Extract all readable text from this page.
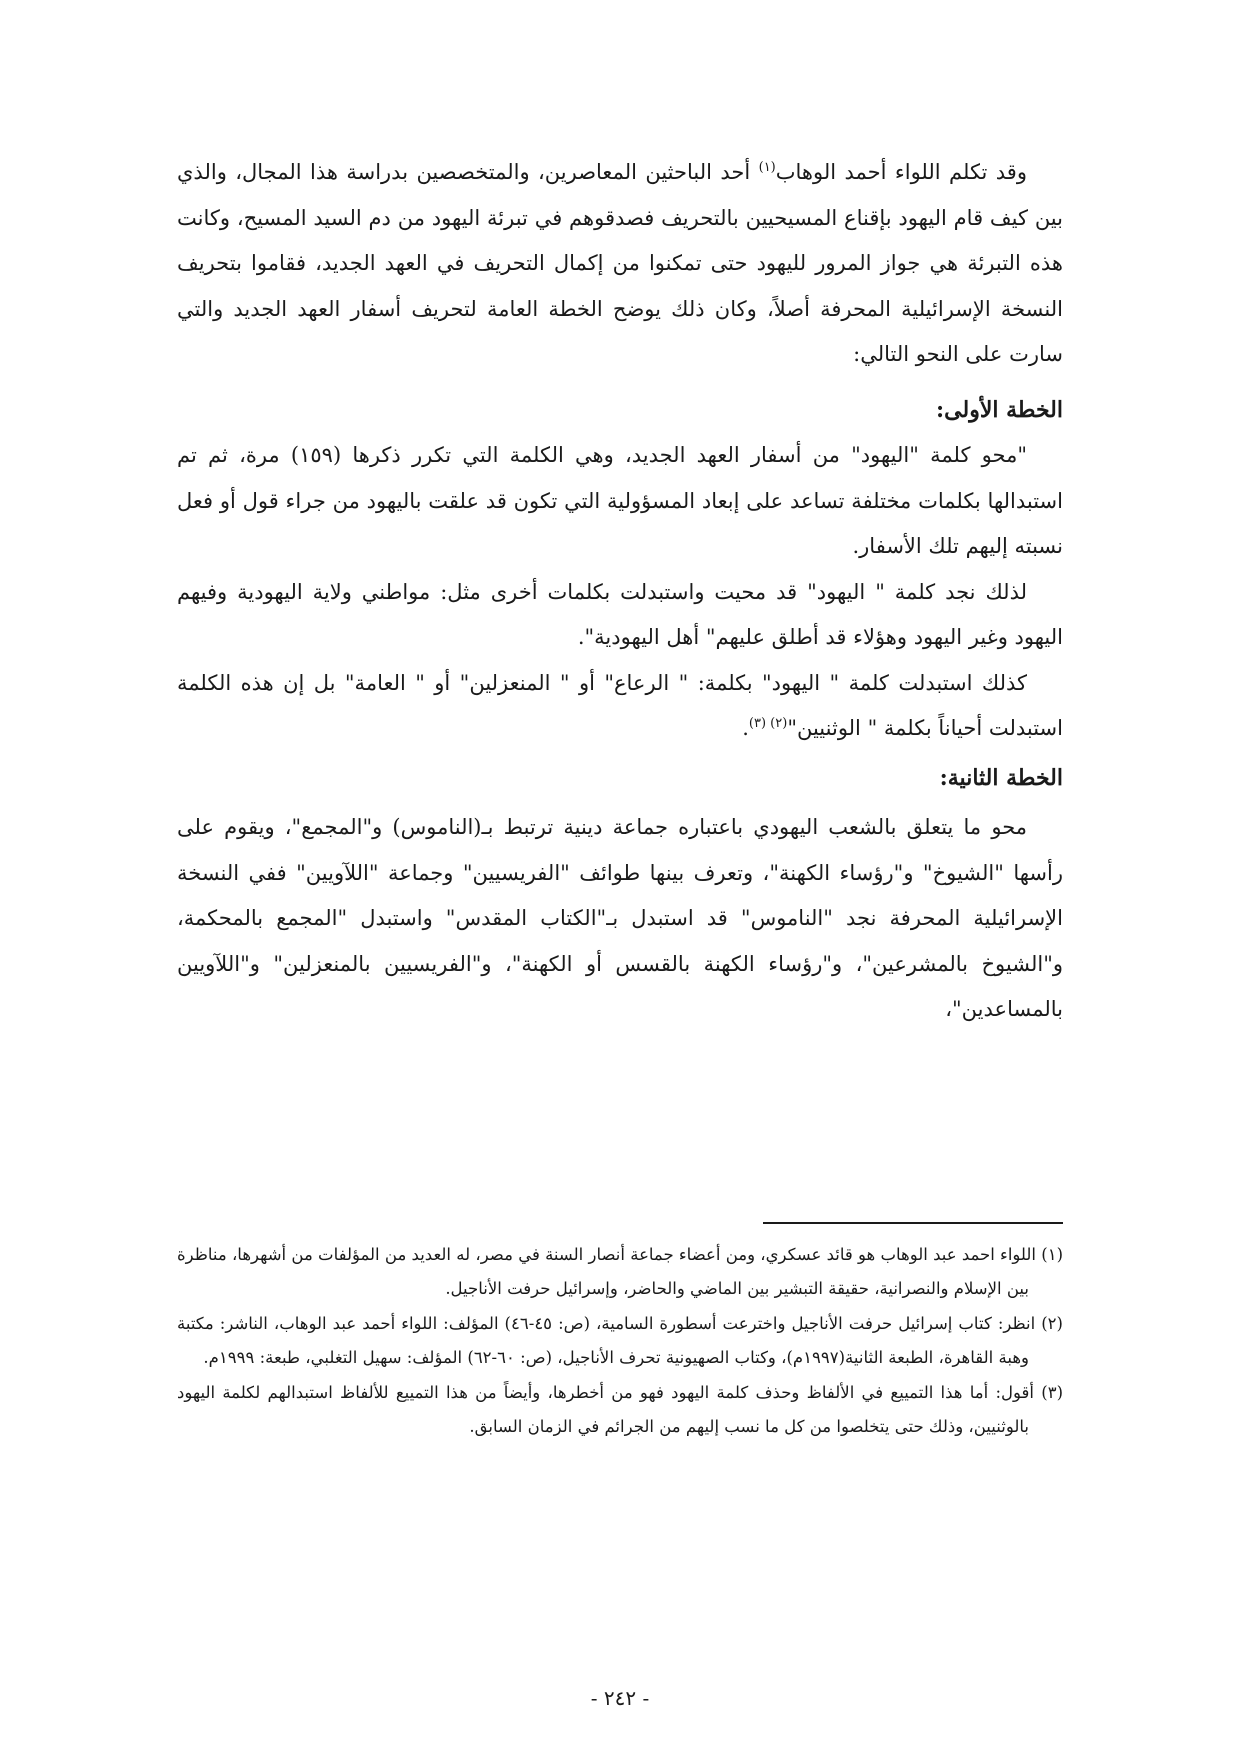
وقد تكلم اللواء أحمد الوهاب$^{(١)}$ أحد الباحثين المعاصرين، والمتخصصين بدراسة هذا المجال، والذي بين كيف قام اليهود بإقناع المسيحيين بالتحريف فصدقوهم في تبرئة اليهود من دم السيد المسيح، وكانت هذه التبرئة هي جواز المرور لليهود حتى تمكنوا من إكمال التحريف في العهد الجديد، فقاموا بتحريف النسخة الإسرائيلية المحرفة أصلاً، وكان ذلك يوضح الخطة العامة لتحريف أسفار العهد الجديد والتي سارت على النحو التالي:

الخطة الأولى:

"محو كلمة "اليهود" من أسفار العهد الجديد، وهي الكلمة التي تكرر ذكرها (١٥٩) مرة، ثم تم استبدالها بكلمات مختلفة تساعد على إبعاد المسؤولية التي تكون قد علقت باليهود من جراء قول أو فعل نسبته إليهم تلك الأسفار.

لذلك نجد كلمة " اليهود" قد محيت واستبدلت بكلمات أخرى مثل: مواطني ولاية اليهودية وفيهم اليهود وغير اليهود وهؤلاء قد أطلق عليهم" أهل اليهودية".

كذلك استبدلت كلمة " اليهود" بكلمة: " الرعاع" أو " المنعزلين" أو " العامة" بل إن هذه الكلمة استبدلت أحياناً بكلمة " الوثنيين"$^{(٢) (٣)}$.

الخطة الثانية:

محو ما يتعلق بالشعب اليهودي باعتباره جماعة دينية ترتبط بـ(الناموس) و"المجمع"، ويقوم على رأسها "الشيوخ" و"رؤساء الكهنة"، وتعرف بينها طوائف "الفريسيين" وجماعة "اللآويين" ففي النسخة الإسرائيلية المحرفة نجد "الناموس" قد استبدل بـ"الكتاب المقدس" واستبدل "المجمع بالمحكمة، و"الشيوخ بالمشرعين"، و"رؤساء الكهنة بالقسس أو الكهنة"، و"الفريسيين بالمنعزلين" و"اللآويين بالمساعدين"،

(١) اللواء احمد عبد الوهاب هو قائد عسكري، ومن أعضاء جماعة أنصار السنة في مصر، له العديد من المؤلفات من أشهرها، مناظرة بين الإسلام والنصرانية، حقيقة التبشير بين الماضي والحاضر، وإسرائيل حرفت الأناجيل.

(٢) انظر: كتاب إسرائيل حرفت الأناجيل واخترعت أسطورة السامية، (ص: ٤٥-٤٦) المؤلف: اللواء أحمد عبد الوهاب، الناشر: مكتبة وهبة القاهرة، الطبعة الثانية(١٩٩٧م)، وكتاب الصهيونية تحرف الأناجيل، (ص: ٦٠-٦٢) المؤلف: سهيل التغلبي، طبعة: ١٩٩٩م.

(٣) أقول: أما هذا التمييع في الألفاظ وحذف كلمة اليهود فهو من أخطرها، وأيضاً من هذا التمييع للألفاظ استبدالهم لكلمة اليهود بالوثنيين، وذلك حتى يتخلصوا من كل ما نسب إليهم من الجرائم في الزمان السابق.

- ٢٤٢ -
